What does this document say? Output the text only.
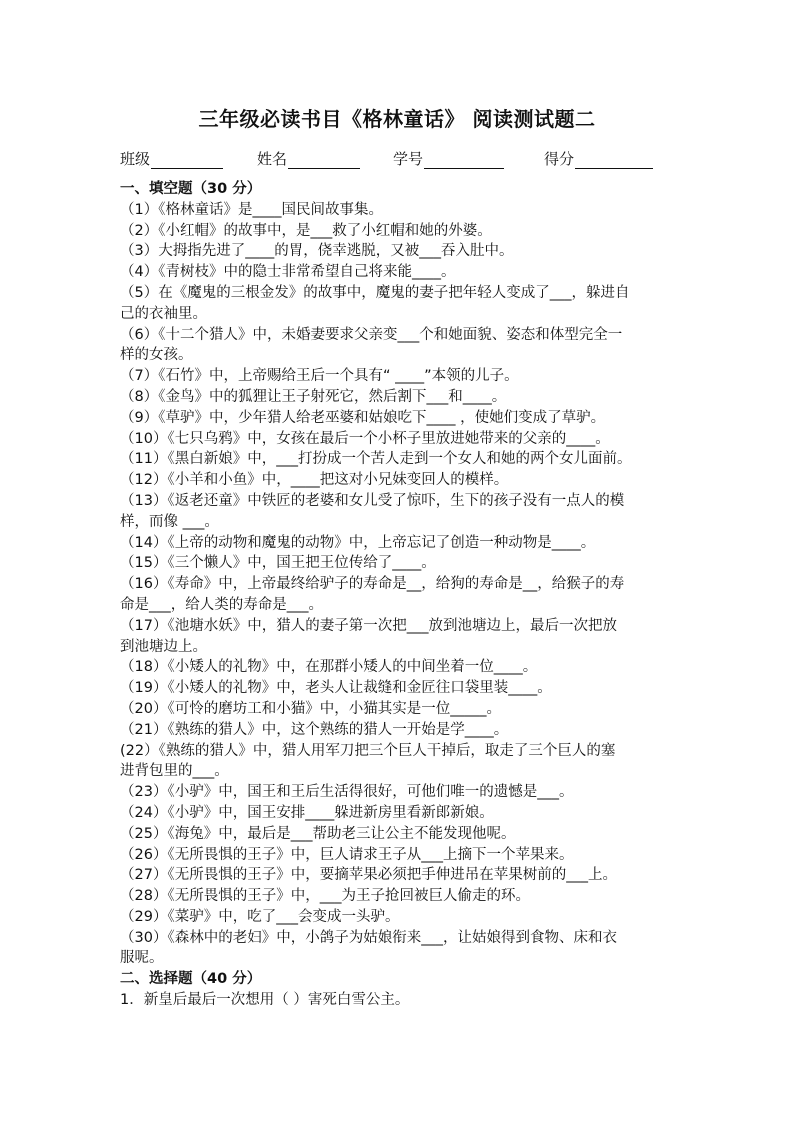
三年级必读书目《格林童话》 阅读测试题二
班级	姓名	学号	得分
一、填空题（30 分）
（1）《格林童话》是____国民间故事集。
（2）《小红帽》的故事中，是___救了小红帽和她的外婆。
（3）大拇指先进了____的胃，侥幸逃脱，又被___吞入肚中。
（4）《青树枝》中的隐士非常希望自己将来能____。
（5）在《魔鬼的三根金发》的故事中，魔鬼的妻子把年轻人变成了___，躲进自
己的衣袖里。
（6）《十二个猎人》中，未婚妻要求父亲变___个和她面貌、姿态和体型完全一
样的女孩。
（7）《石竹》中，上帝赐给王后一个具有“ ____”本领的儿子。
（8）《金鸟》中的狐狸让王子射死它，然后割下___和____。
（9）《草驴》中，少年猎人给老巫婆和姑娘吃下____ ，使她们变成了草驴。
（10）《七只乌鸦》中，女孩在最后一个小杯子里放进她带来的父亲的____。
（11）《黑白新娘》中，___打扮成一个苦人走到一个女人和她的两个女儿面前。
（12）《小羊和小鱼》中，____把这对小兄妹变回人的模样。
（13）《返老还童》中铁匠的老婆和女儿受了惊吓，生下的孩子没有一点人的模
样，而像 ___。
（14）《上帝的动物和魔鬼的动物》中，上帝忘记了创造一种动物是____。
（15）《三个懒人》中，国王把王位传给了____。
（16）《寿命》中，上帝最终给驴子的寿命是__，给狗的寿命是__，给猴子的寿
命是___，给人类的寿命是___。
（17）《池塘水妖》中，猎人的妻子第一次把___放到池塘边上，最后一次把放
到池塘边上。
（18）《小矮人的礼物》中，在那群小矮人的中间坐着一位____。
（19）《小矮人的礼物》中，老头人让裁缝和金匠往口袋里装____。
（20）《可怜的磨坊工和小猫》中，小猫其实是一位_____。
（21）《熟练的猎人》中，这个熟练的猎人一开始是学____。
(22）《熟练的猎人》中，猎人用军刀把三个巨人干掉后，取走了三个巨人的塞
进背包里的___。
（23）《小驴》中，国王和王后生活得很好，可他们唯一的遗憾是___。
（24）《小驴》中，国王安排____躲进新房里看新郎新娘。
（25）《海兔》中，最后是___帮助老三让公主不能发现他呢。
（26）《无所畏惧的王子》中，巨人请求王子从___上摘下一个苹果来。
（27）《无所畏惧的王子》中，要摘苹果必须把手伸进吊在苹果树前的___上。
（28）《无所畏惧的王子》中，___为王子抢回被巨人偷走的环。
（29）《菜驴》中，吃了___会变成一头驴。
（30）《森林中的老妇》中，小鸽子为姑娘衔来___，让姑娘得到食物、床和衣
服呢。
二、选择题（40 分）
1．新皇后最后一次想用（ ）害死白雪公主。
